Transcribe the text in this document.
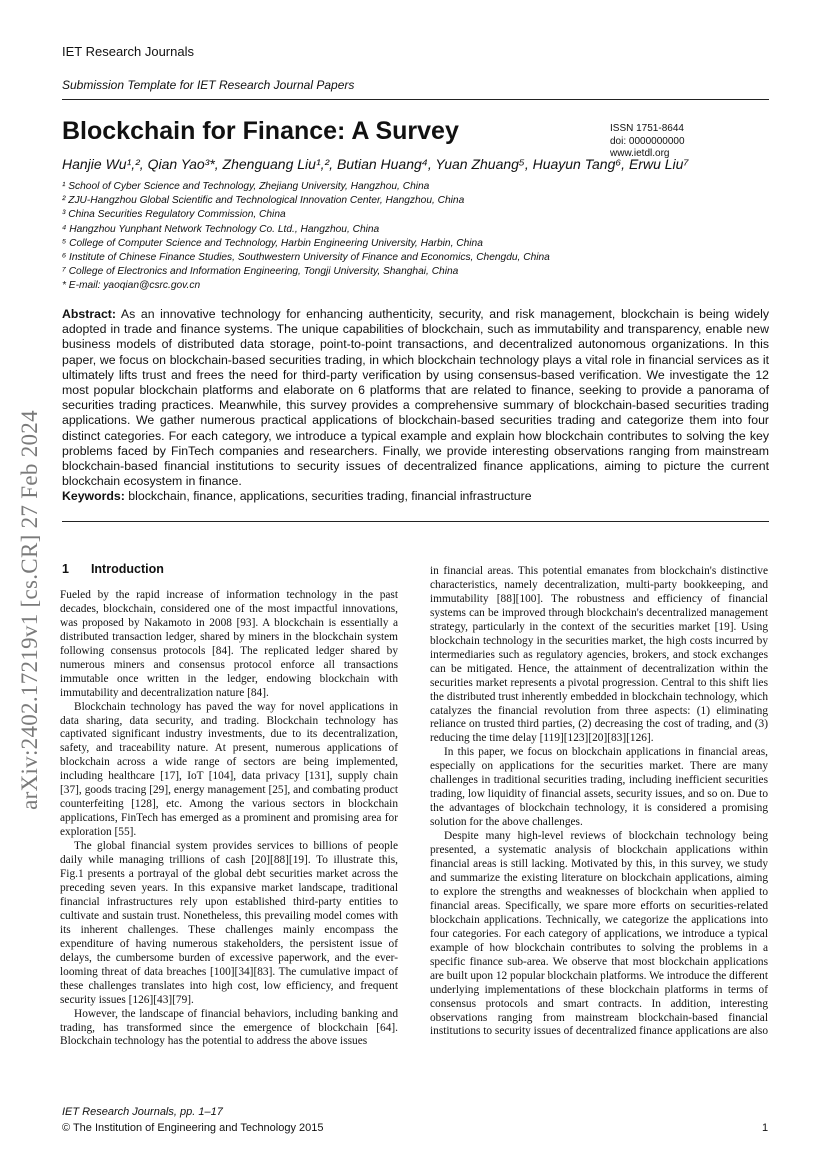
IET Research Journals
Submission Template for IET Research Journal Papers
ISSN 1751-8644
doi: 0000000000
www.ietdl.org
Blockchain for Finance: A Survey
Hanjie Wu¹,², Qian Yao³*, Zhenguang Liu¹,², Butian Huang⁴, Yuan Zhuang⁵, Huayun Tang⁶, Erwu Liu⁷
¹ School of Cyber Science and Technology, Zhejiang University, Hangzhou, China
² ZJU-Hangzhou Global Scientific and Technological Innovation Center, Hangzhou, China
³ China Securities Regulatory Commission, China
⁴ Hangzhou Yunphant Network Technology Co. Ltd., Hangzhou, China
⁵ College of Computer Science and Technology, Harbin Engineering University, Harbin, China
⁶ Institute of Chinese Finance Studies, Southwestern University of Finance and Economics, Chengdu, China
⁷ College of Electronics and Information Engineering, Tongji University, Shanghai, China
* E-mail: yaoqian@csrc.gov.cn
Abstract: As an innovative technology for enhancing authenticity, security, and risk management, blockchain is being widely adopted in trade and finance systems. The unique capabilities of blockchain, such as immutability and transparency, enable new business models of distributed data storage, point-to-point transactions, and decentralized autonomous organizations. In this paper, we focus on blockchain-based securities trading, in which blockchain technology plays a vital role in financial services as it ultimately lifts trust and frees the need for third-party verification by using consensus-based verification. We investigate the 12 most popular blockchain platforms and elaborate on 6 platforms that are related to finance, seeking to provide a panorama of securities trading practices. Meanwhile, this survey provides a comprehensive summary of blockchain-based securities trading applications. We gather numerous practical applications of blockchain-based securities trading and categorize them into four distinct categories. For each category, we introduce a typical example and explain how blockchain contributes to solving the key problems faced by FinTech companies and researchers. Finally, we provide interesting observations ranging from mainstream blockchain-based financial institutions to security issues of decentralized finance applications, aiming to picture the current blockchain ecosystem in finance.
Keywords: blockchain, finance, applications, securities trading, financial infrastructure
arXiv:2402.17219v1 [cs.CR] 27 Feb 2024 1 Introduction

Fueled by the rapid increase of information technology in the past decades, blockchain, considered one of the most impactful innovations, was proposed by Nakamoto in 2008 [93]. A blockchain is essentially a distributed transaction ledger, shared by miners in the blockchain system following consensus protocols [84]. The replicated ledger shared by numerous miners and consensus protocol enforce all transactions immutable once written in the ledger, endowing blockchain with immutability and decentralization nature [84].

Blockchain technology has paved the way for novel applications in data sharing, data security, and trading. Blockchain technology has captivated significant industry investments, due to its decentralization, safety, and traceability nature. At present, numerous applications of blockchain across a wide range of sectors are being implemented, including healthcare [17], IoT [104], data privacy [131], supply chain [37], goods tracing [29], energy management [25], and combating product counterfeiting [128], etc. Among the various sectors in blockchain applications, FinTech has emerged as a prominent and promising area for exploration [55].

The global financial system provides services to billions of people daily while managing trillions of cash [20][88][19]. To illustrate this, Fig.1 presents a portrayal of the global debt securities market across the preceding seven years. In this expansive market landscape, traditional financial infrastructures rely upon established third-party entities to cultivate and sustain trust. Nonetheless, this prevailing model comes with its inherent challenges. These challenges mainly encompass the expenditure of having numerous stakeholders, the persistent issue of delays, the cumbersome burden of excessive paperwork, and the ever-looming threat of data breaches [100][34][83]. The cumulative impact of these challenges translates into high cost, low efficiency, and frequent security issues [126][43][79].

However, the landscape of financial behaviors, including banking and trading, has transformed since the emergence of blockchain [64]. Blockchain technology has the potential to address the above issues

in financial areas. This potential emanates from blockchain's distinctive characteristics, namely decentralization, multi-party bookkeeping, and immutability [88][100]. The robustness and efficiency of financial systems can be improved through blockchain's decentralized management strategy, particularly in the context of the securities market [19]. Using blockchain technology in the securities market, the high costs incurred by intermediaries such as regulatory agencies, brokers, and stock exchanges can be mitigated. Hence, the attainment of decentralization within the securities market represents a pivotal progression. Central to this shift lies the distributed trust inherently embedded in blockchain technology, which catalyzes the financial revolution from three aspects: (1) eliminating reliance on trusted third parties, (2) decreasing the cost of trading, and (3) reducing the time delay [119][123][20][83][126].

In this paper, we focus on blockchain applications in financial areas, especially on applications for the securities market. There are many challenges in traditional securities trading, including inefficient securities trading, low liquidity of financial assets, security issues, and so on. Due to the advantages of blockchain technology, it is considered a promising solution for the above challenges.

Despite many high-level reviews of blockchain technology being presented, a systematic analysis of blockchain applications within financial areas is still lacking. Motivated by this, in this survey, we study and summarize the existing literature on blockchain applications, aiming to explore the strengths and weaknesses of blockchain when applied to financial areas. Specifically, we spare more efforts on securities-related blockchain applications. Technically, we categorize the applications into four categories. For each category of applications, we introduce a typical example of how blockchain contributes to solving the problems in a specific finance sub-area. We observe that most blockchain applications are built upon 12 popular blockchain platforms. We introduce the different underlying implementations of these blockchain platforms in terms of consensus protocols and smart contracts. In addition, interesting observations ranging from mainstream blockchain-based financial institutions to security issues of decentralized finance applications are also

IET Research Journals, pp. 1–17
© The Institution of Engineering and Technology 2015	1
